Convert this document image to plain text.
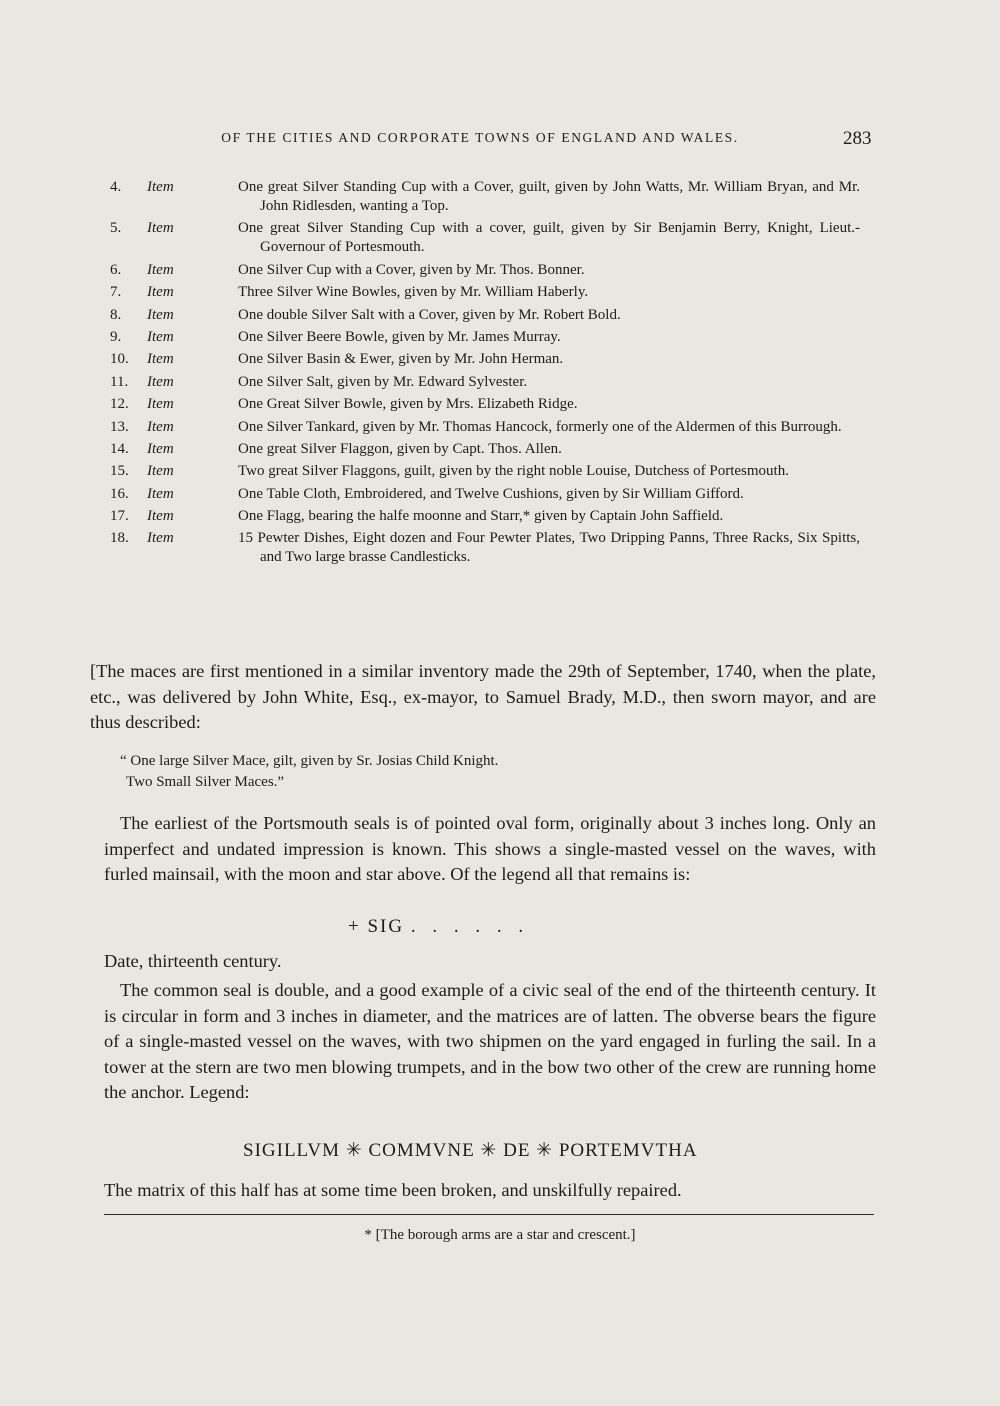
OF THE CITIES AND CORPORATE TOWNS OF ENGLAND AND WALES.	283
4.	Item	One great Silver Standing Cup with a Cover, guilt, given by John Watts, Mr. William Bryan, and Mr. John Ridlesden, wanting a Top.
5.	Item	One great Silver Standing Cup with a cover, guilt, given by Sir Benjamin Berry, Knight, Lieut.-Governour of Portesmouth.
6.	Item	One Silver Cup with a Cover, given by Mr. Thos. Bonner.
7.	Item	Three Silver Wine Bowles, given by Mr. William Haberly.
8.	Item	One double Silver Salt with a Cover, given by Mr. Robert Bold.
9.	Item	One Silver Beere Bowle, given by Mr. James Murray.
10.	Item	One Silver Basin & Ewer, given by Mr. John Herman.
11.	Item	One Silver Salt, given by Mr. Edward Sylvester.
12.	Item	One Great Silver Bowle, given by Mrs. Elizabeth Ridge.
13.	Item	One Silver Tankard, given by Mr. Thomas Hancock, formerly one of the Aldermen of this Burrough.
14.	Item	One great Silver Flaggon, given by Capt. Thos. Allen.
15.	Item	Two great Silver Flaggons, guilt, given by the right noble Louise, Dutchess of Portesmouth.
16.	Item	One Table Cloth, Embroidered, and Twelve Cushions, given by Sir William Gifford.
17.	Item	One Flagg, bearing the halfe moonne and Starr,* given by Captain John Saffield.
18.	Item	15 Pewter Dishes, Eight dozen and Four Pewter Plates, Two Dripping Panns, Three Racks, Six Spitts, and Two large brasse Candlesticks.
[The maces are first mentioned in a similar inventory made the 29th of September, 1740, when the plate, etc., was delivered by John White, Esq., ex-mayor, to Samuel Brady, M.D., then sworn mayor, and are thus described:
“ One large Silver Mace, gilt, given by Sr. Josias Child Knight.
Two Small Silver Maces.”
The earliest of the Portsmouth seals is of pointed oval form, originally about 3 inches long. Only an imperfect and undated impression is known. This shows a single-masted vessel on the waves, with furled mainsail, with the moon and star above. Of the legend all that remains is:
+ SIG . . . . . .
Date, thirteenth century.
The common seal is double, and a good example of a civic seal of the end of the thirteenth century. It is circular in form and 3 inches in diameter, and the matrices are of latten. The obverse bears the figure of a single-masted vessel on the waves, with two shipmen on the yard engaged in furling the sail. In a tower at the stern are two men blowing trumpets, and in the bow two other of the crew are running home the anchor. Legend:
SIGILLVM ✳ COMMVNE ✳ DE ✳ PORTEMVTHA
The matrix of this half has at some time been broken, and unskilfully repaired.
* [The borough arms are a star and crescent.]
